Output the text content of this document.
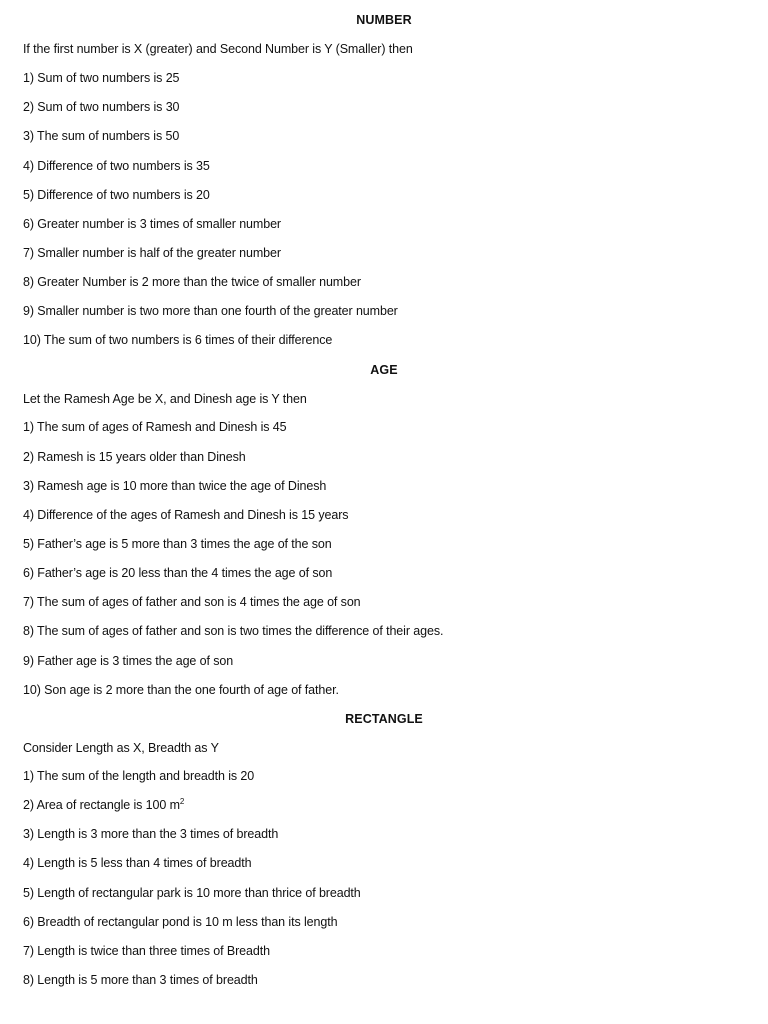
NUMBER
If the first number is X (greater) and Second Number is Y (Smaller) then
1) Sum of two numbers is 25
2) Sum of two numbers is 30
3) The sum of numbers is 50
4) Difference of two numbers is 35
5) Difference of two numbers is 20
6) Greater number is 3 times of smaller number
7) Smaller number is half of the greater number
8) Greater Number is 2 more than the twice of smaller number
9) Smaller number is two more than one fourth of the greater number
10) The sum of two numbers is 6 times of their difference
AGE
Let the Ramesh Age be X, and Dinesh age is Y then
1) The sum of ages of Ramesh and Dinesh is 45
2) Ramesh is 15 years older than Dinesh
3) Ramesh age is 10 more than twice the age of Dinesh
4) Difference of the ages of Ramesh and Dinesh is 15 years
5) Father’s age is 5 more than 3 times the age of the son
6) Father’s age is 20 less than the 4 times the age of son
7) The sum of ages of father and son is 4 times the age of son
8) The sum of ages of father and son is two times the difference of their ages.
9) Father age is 3 times the age of son
10) Son age is 2 more than the one fourth of age of father.
RECTANGLE
Consider Length as X, Breadth as Y
1) The sum of the length and breadth is 20
2) Area of rectangle is 100 $m^2$
3) Length is 3 more than the 3 times of breadth
4) Length is 5 less than 4 times of breadth
5) Length of rectangular park is 10 more than thrice of breadth
6) Breadth of rectangular pond is 10 m less than its length
7) Length is twice than three times of Breadth
8) Length is 5 more than 3 times of breadth
